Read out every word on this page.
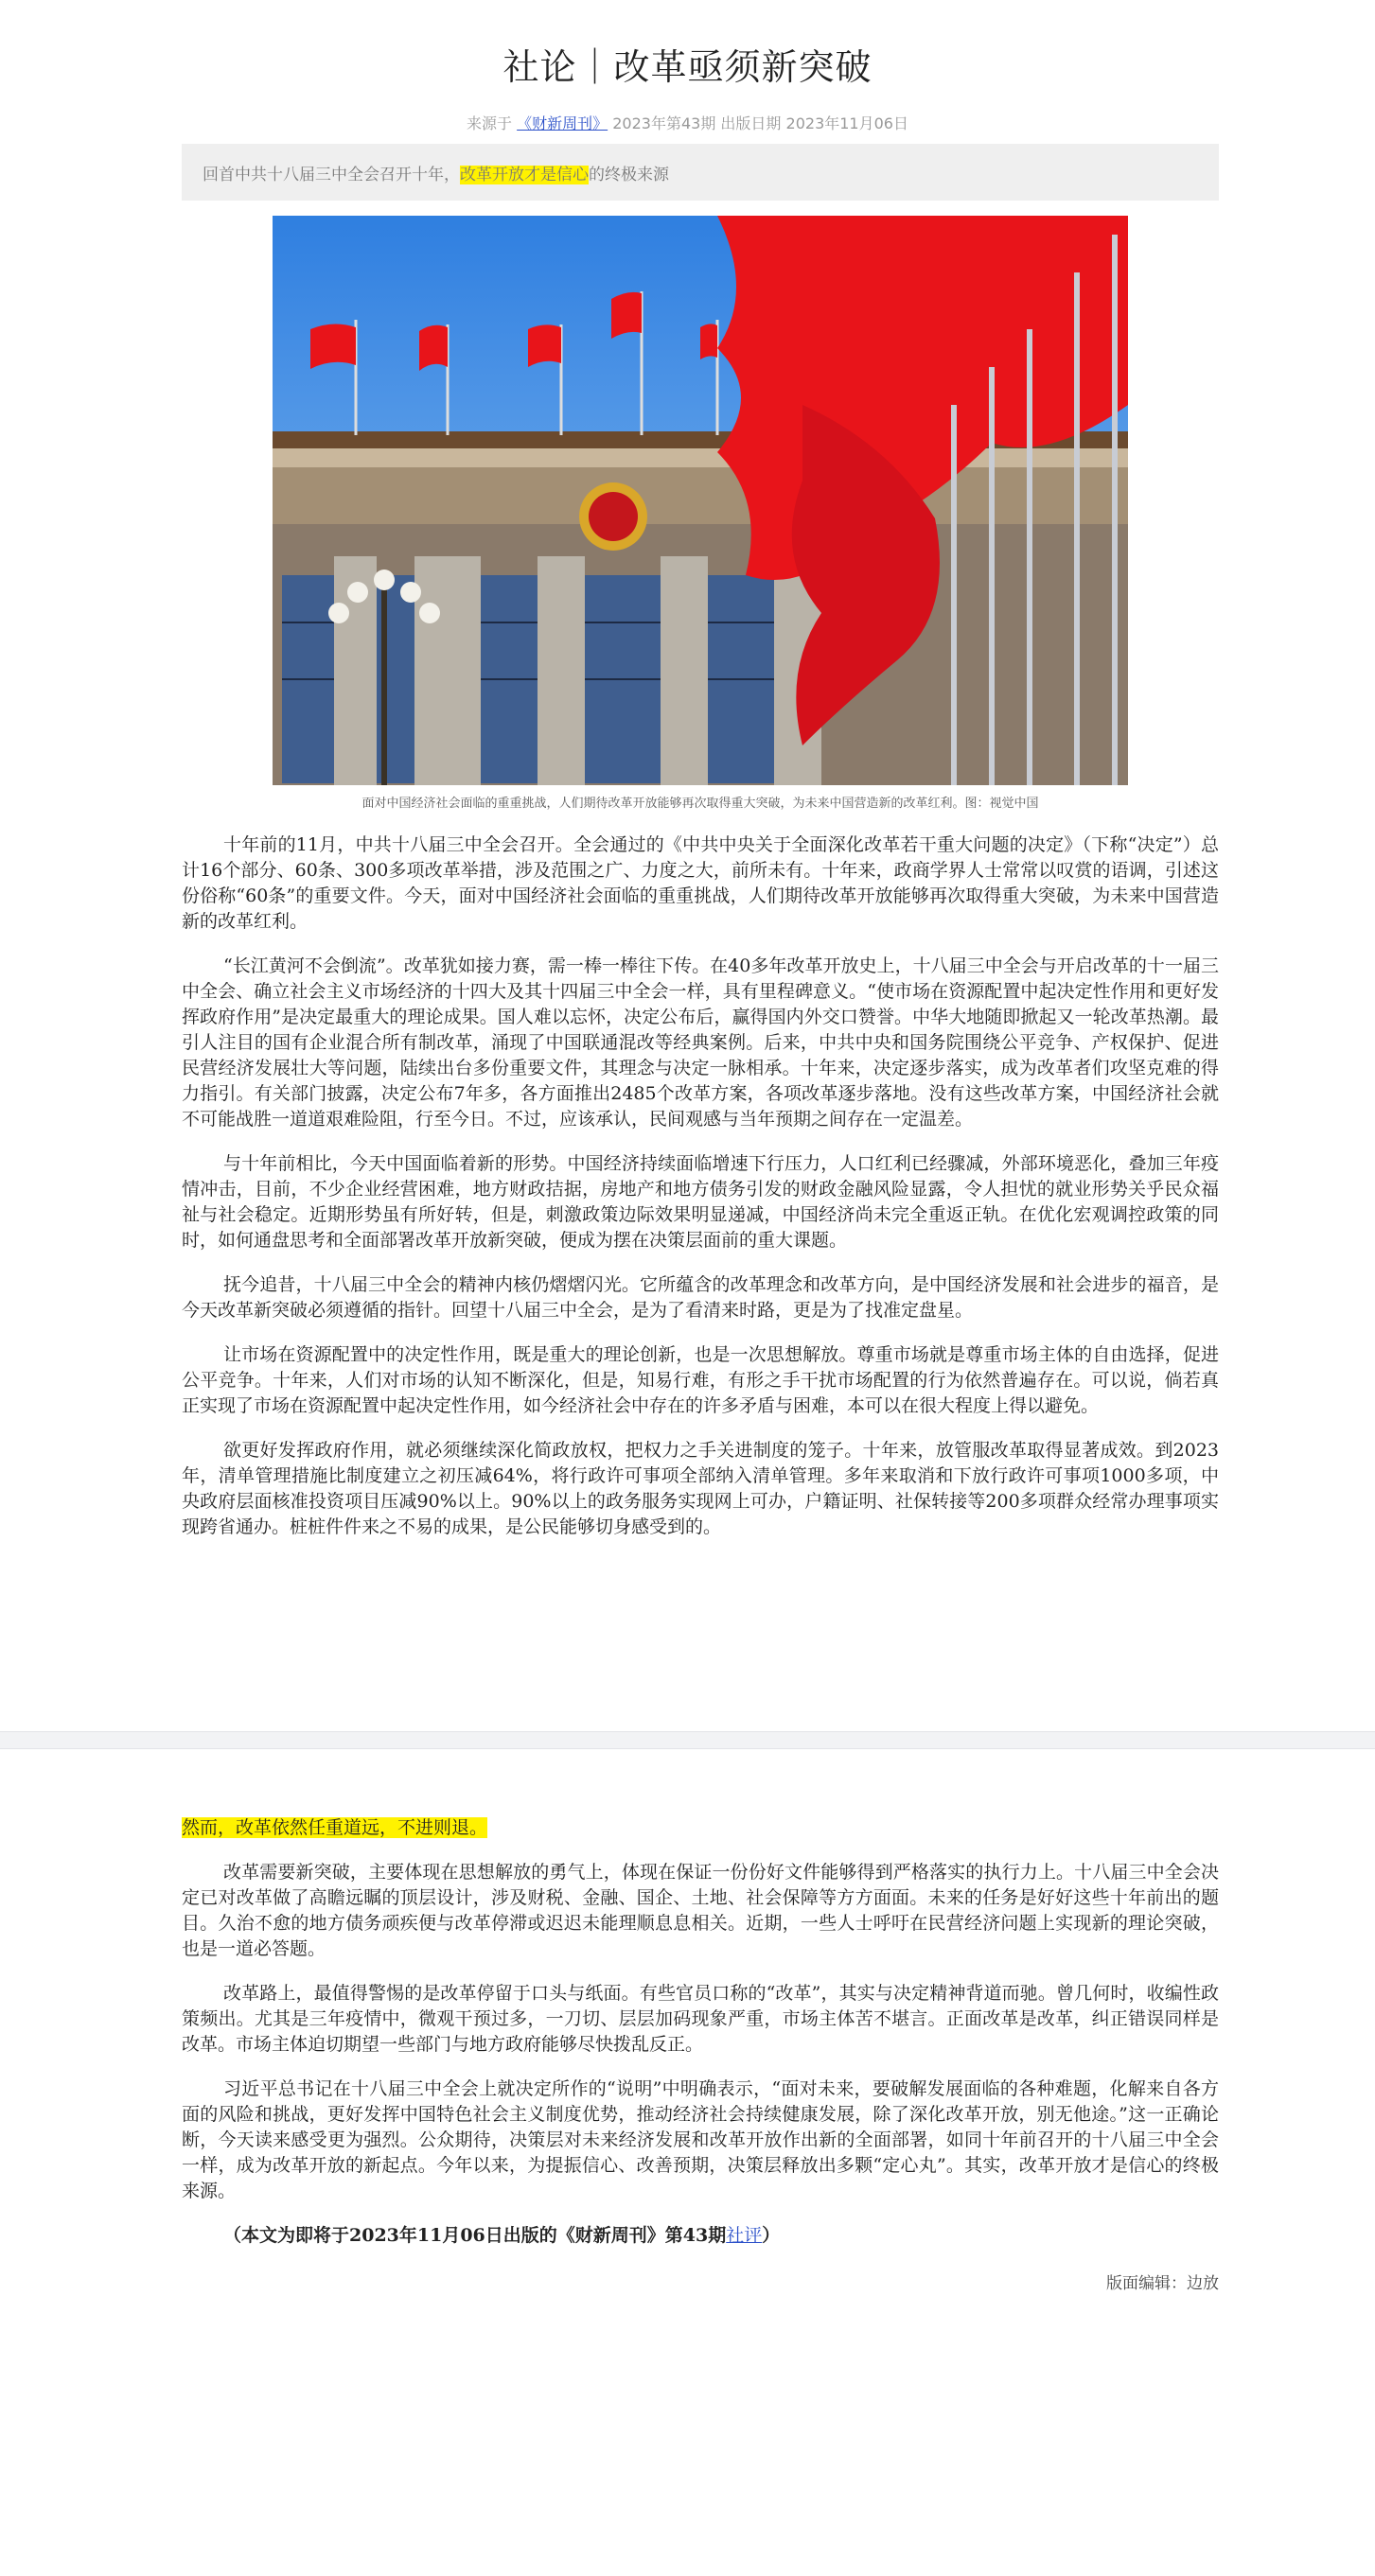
社论｜改革亟须新突破
来源于 《财新周刊》 2023年第43期 出版日期 2023年11月06日
回首中共十八届三中全会召开十年，改革开放才是信心的终极来源
面对中国经济社会面临的重重挑战，人们期待改革开放能够再次取得重大突破，为未来中国营造新的改革红利。图：视觉中国

十年前的11月，中共十八届三中全会召开。全会通过的《中共中央关于全面深化改革若干重大问题的决定》（下称“决定”）总计16个部分、60条、300多项改革举措，涉及范围之广、力度之大，前所未有。十年来，政商学界人士常常以叹赏的语调，引述这份俗称“60条”的重要文件。今天，面对中国经济社会面临的重重挑战，人们期待改革开放能够再次取得重大突破，为未来中国营造新的改革红利。

“长江黄河不会倒流”。改革犹如接力赛，需一棒一棒往下传。在40多年改革开放史上，十八届三中全会与开启改革的十一届三中全会、确立社会主义市场经济的十四大及其十四届三中全会一样，具有里程碑意义。“使市场在资源配置中起决定性作用和更好发挥政府作用”是决定最重大的理论成果。国人难以忘怀，决定公布后，赢得国内外交口赞誉。中华大地随即掀起又一轮改革热潮。最引人注目的国有企业混合所有制改革，涌现了中国联通混改等经典案例。后来，中共中央和国务院围绕公平竞争、产权保护、促进民营经济发展壮大等问题，陆续出台多份重要文件，其理念与决定一脉相承。十年来，决定逐步落实，成为改革者们攻坚克难的得力指引。有关部门披露，决定公布7年多，各方面推出2485个改革方案，各项改革逐步落地。没有这些改革方案，中国经济社会就不可能战胜一道道艰难险阻，行至今日。不过，应该承认，民间观感与当年预期之间存在一定温差。

与十年前相比，今天中国面临着新的形势。中国经济持续面临增速下行压力，人口红利已经骤减，外部环境恶化，叠加三年疫情冲击，目前，不少企业经营困难，地方财政拮据，房地产和地方债务引发的财政金融风险显露，令人担忧的就业形势关乎民众福祉与社会稳定。近期形势虽有所好转，但是，刺激政策边际效果明显递减，中国经济尚未完全重返正轨。在优化宏观调控政策的同时，如何通盘思考和全面部署改革开放新突破，便成为摆在决策层面前的重大课题。

抚今追昔，十八届三中全会的精神内核仍熠熠闪光。它所蕴含的改革理念和改革方向，是中国经济发展和社会进步的福音，是今天改革新突破必须遵循的指针。回望十八届三中全会，是为了看清来时路，更是为了找准定盘星。

让市场在资源配置中的决定性作用，既是重大的理论创新，也是一次思想解放。尊重市场就是尊重市场主体的自由选择，促进公平竞争。十年来，人们对市场的认知不断深化，但是，知易行难，有形之手干扰市场配置的行为依然普遍存在。可以说，倘若真正实现了市场在资源配置中起决定性作用，如今经济社会中存在的许多矛盾与困难，本可以在很大程度上得以避免。

欲更好发挥政府作用，就必须继续深化简政放权，把权力之手关进制度的笼子。十年来，放管服改革取得显著成效。到2023年，清单管理措施比制度建立之初压减64%，将行政许可事项全部纳入清单管理。多年来取消和下放行政许可事项1000多项，中央政府层面核准投资项目压减90%以上。90%以上的政务服务实现网上可办，户籍证明、社保转接等200多项群众经常办理事项实现跨省通办。桩桩件件来之不易的成果，是公民能够切身感受到的。

然而，改革依然任重道远，不进则退。

改革需要新突破，主要体现在思想解放的勇气上，体现在保证一份份好文件能够得到严格落实的执行力上。十八届三中全会决定已对改革做了高瞻远瞩的顶层设计，涉及财税、金融、国企、土地、社会保障等方方面面。未来的任务是好好这些十年前出的题目。久治不愈的地方债务顽疾便与改革停滞或迟迟未能理顺息息相关。近期，一些人士呼吁在民营经济问题上实现新的理论突破，也是一道必答题。

改革路上，最值得警惕的是改革停留于口头与纸面。有些官员口称的“改革”，其实与决定精神背道而驰。曾几何时，收编性政策频出。尤其是三年疫情中，微观干预过多，一刀切、层层加码现象严重，市场主体苦不堪言。正面改革是改革，纠正错误同样是改革。市场主体迫切期望一些部门与地方政府能够尽快拨乱反正。

习近平总书记在十八届三中全会上就决定所作的“说明”中明确表示，“面对未来，要破解发展面临的各种难题，化解来自各方面的风险和挑战，更好发挥中国特色社会主义制度优势，推动经济社会持续健康发展，除了深化改革开放，别无他途。”这一正确论断，今天读来感受更为强烈。公众期待，决策层对未来经济发展和改革开放作出新的全面部署，如同十年前召开的十八届三中全会一样，成为改革开放的新起点。今年以来，为提振信心、改善预期，决策层释放出多颗“定心丸”。其实，改革开放才是信心的终极来源。

（本文为即将于2023年11月06日出版的《财新周刊》第43期社评）
版面编辑：边放
